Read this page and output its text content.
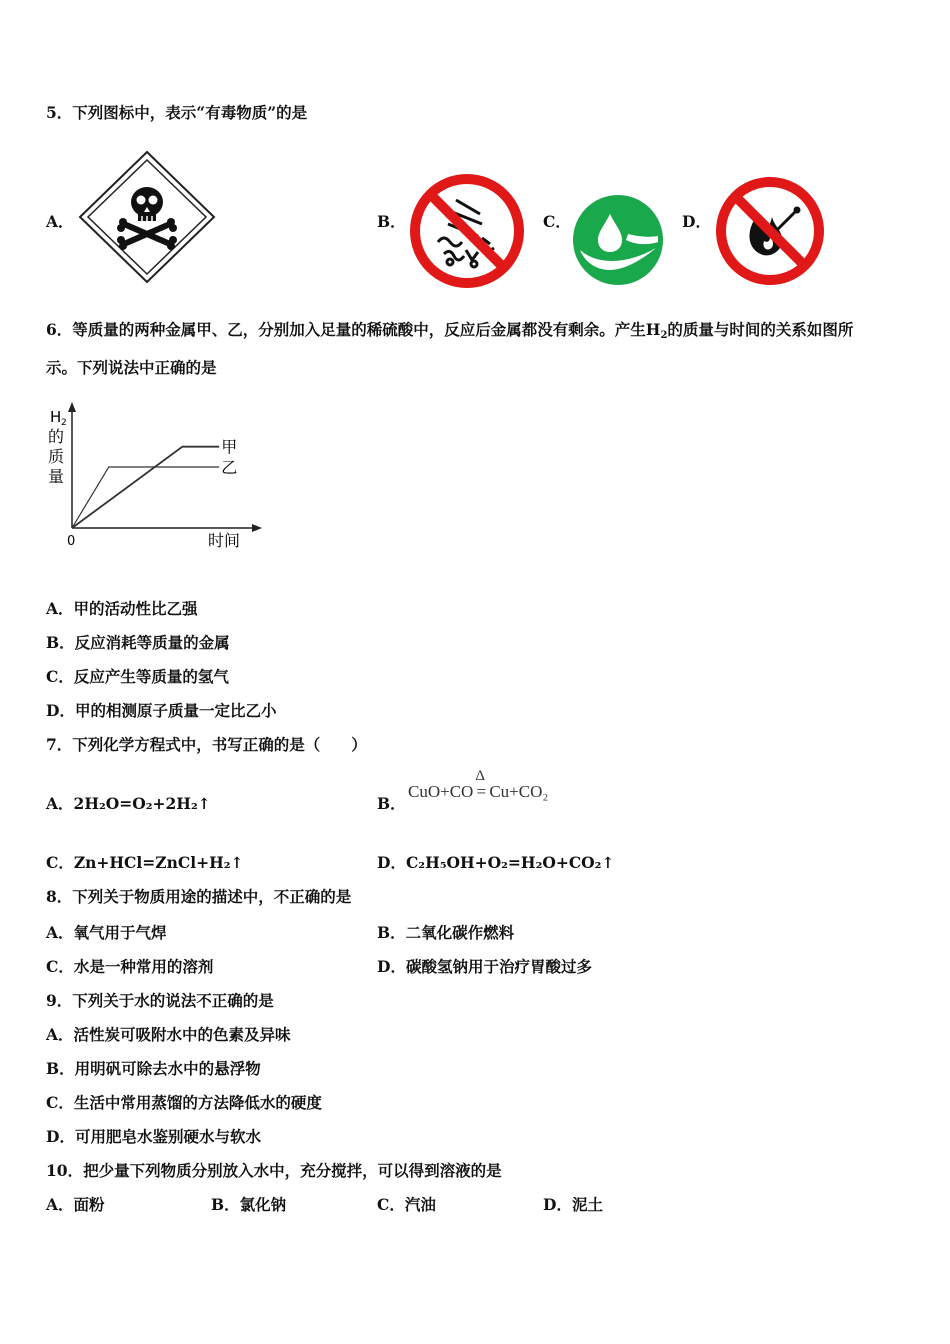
5．下列图标中，表示“有毒物质”的是
A．	B．	C．	D．
6．等质量的两种金属甲、乙，分别加入足量的稀硫酸中，反应后金属都没有剩余。产生$H_2$的质量与时间的关系如图所
示。下列说法中正确的是
H 2
的
质
量
0	时间
甲
乙
A．甲的活动性比乙强
B．反应消耗等质量的金属
C．反应产生等质量的氢气
D．甲的相测原子质量一定比乙小
7．下列化学方程式中，书写正确的是（　　）
A．2H₂O=O₂+2H₂↑	B．
CuO+CO
Δ
= Cu+CO₂
C．Zn+HCl=ZnCl+H₂↑	D．C₂H₅OH+O₂=H₂O+CO₂↑
8．下列关于物质用途的描述中，不正确的是
A．氧气用于气焊	B．二氧化碳作燃料
C．水是一种常用的溶剂	D．碳酸氢钠用于治疗胃酸过多
9．下列关于水的说法不正确的是
A．活性炭可吸附水中的色素及异味
B．用明矾可除去水中的悬浮物
C．生活中常用蒸馏的方法降低水的硬度
D．可用肥皂水鉴别硬水与软水
10．把少量下列物质分别放入水中，充分搅拌，可以得到溶液的是
A．面粉	B．氯化钠	C．汽油	D．泥土
